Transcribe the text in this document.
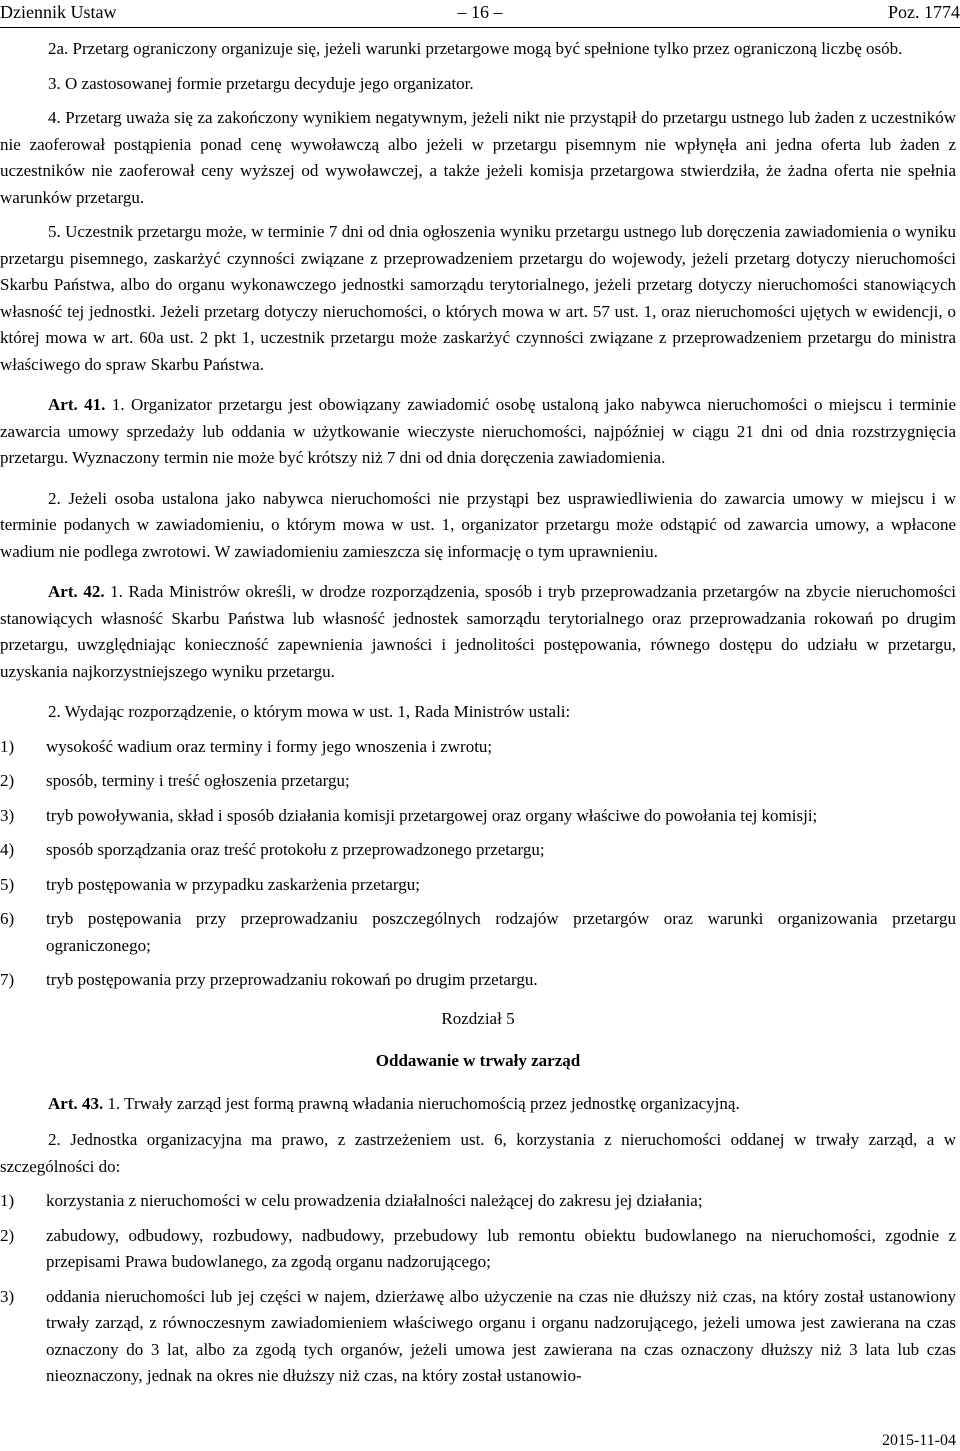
Dziennik Ustaw	– 16 –	Poz. 1774

2a. Przetarg ograniczony organizuje się, jeżeli warunki przetargowe mogą być spełnione tylko przez ograniczoną liczbę osób.

3. O zastosowanej formie przetargu decyduje jego organizator.

4. Przetarg uważa się za zakończony wynikiem negatywnym, jeżeli nikt nie przystąpił do przetargu ustnego lub żaden z uczestników nie zaoferował postąpienia ponad cenę wywoławczą albo jeżeli w przetargu pisemnym nie wpłynęła ani jedna oferta lub żaden z uczestników nie zaoferował ceny wyższej od wywoławczej, a także jeżeli komisja przetargowa stwierdziła, że żadna oferta nie spełnia warunków przetargu.

5. Uczestnik przetargu może, w terminie 7 dni od dnia ogłoszenia wyniku przetargu ustnego lub doręczenia zawiadomienia o wyniku przetargu pisemnego, zaskarżyć czynności związane z przeprowadzeniem przetargu do wojewody, jeżeli przetarg dotyczy nieruchomości Skarbu Państwa, albo do organu wykonawczego jednostki samorządu terytorialnego, jeżeli przetarg dotyczy nieruchomości stanowiących własność tej jednostki. Jeżeli przetarg dotyczy nieruchomości, o których mowa w art. 57 ust. 1, oraz nieruchomości ujętych w ewidencji, o której mowa w art. 60a ust. 2 pkt 1, uczestnik przetargu może zaskarżyć czynności związane z przeprowadzeniem przetargu do ministra właściwego do spraw Skarbu Państwa.

Art. 41. 1. Organizator przetargu jest obowiązany zawiadomić osobę ustaloną jako nabywca nieruchomości o miejscu i terminie zawarcia umowy sprzedaży lub oddania w użytkowanie wieczyste nieruchomości, najpóźniej w ciągu 21 dni od dnia rozstrzygnięcia przetargu. Wyznaczony termin nie może być krótszy niż 7 dni od dnia doręczenia zawiadomienia.

2. Jeżeli osoba ustalona jako nabywca nieruchomości nie przystąpi bez usprawiedliwienia do zawarcia umowy w miejscu i w terminie podanych w zawiadomieniu, o którym mowa w ust. 1, organizator przetargu może odstąpić od zawarcia umowy, a wpłacone wadium nie podlega zwrotowi. W zawiadomieniu zamieszcza się informację o tym uprawnieniu.

Art. 42. 1. Rada Ministrów określi, w drodze rozporządzenia, sposób i tryb przeprowadzania przetargów na zbycie nieruchomości stanowiących własność Skarbu Państwa lub własność jednostek samorządu terytorialnego oraz przeprowadzania rokowań po drugim przetargu, uwzględniając konieczność zapewnienia jawności i jednolitości postępowania, równego dostępu do udziału w przetargu, uzyskania najkorzystniejszego wyniku przetargu.

2. Wydając rozporządzenie, o którym mowa w ust. 1, Rada Ministrów ustali:

1)	wysokość wadium oraz terminy i formy jego wnoszenia i zwrotu;
2)	sposób, terminy i treść ogłoszenia przetargu;
3)	tryb powoływania, skład i sposób działania komisji przetargowej oraz organy właściwe do powołania tej komisji;
4)	sposób sporządzania oraz treść protokołu z przeprowadzonego przetargu;
5)	tryb postępowania w przypadku zaskarżenia przetargu;
6)	tryb postępowania przy przeprowadzaniu poszczególnych rodzajów przetargów oraz warunki organizowania przetargu ograniczonego;
7)	tryb postępowania przy przeprowadzaniu rokowań po drugim przetargu.
Rozdział 5
Oddawanie w trwały zarząd

Art. 43. 1. Trwały zarząd jest formą prawną władania nieruchomością przez jednostkę organizacyjną.

2. Jednostka organizacyjna ma prawo, z zastrzeżeniem ust. 6, korzystania z nieruchomości oddanej w trwały zarząd, a w szczególności do:

1)	korzystania z nieruchomości w celu prowadzenia działalności należącej do zakresu jej działania;
2)	zabudowy, odbudowy, rozbudowy, nadbudowy, przebudowy lub remontu obiektu budowlanego na nieruchomości, zgodnie z przepisami Prawa budowlanego, za zgodą organu nadzorującego;
3)	oddania nieruchomości lub jej części w najem, dzierżawę albo użyczenie na czas nie dłuższy niż czas, na który został ustanowiony trwały zarząd, z równoczesnym zawiadomieniem właściwego organu i organu nadzorującego, jeżeli umowa jest zawierana na czas oznaczony do 3 lat, albo za zgodą tych organów, jeżeli umowa jest zawierana na czas oznaczony dłuższy niż 3 lata lub czas nieoznaczony, jednak na okres nie dłuższy niż czas, na który został ustanowio-
2015-11-04
